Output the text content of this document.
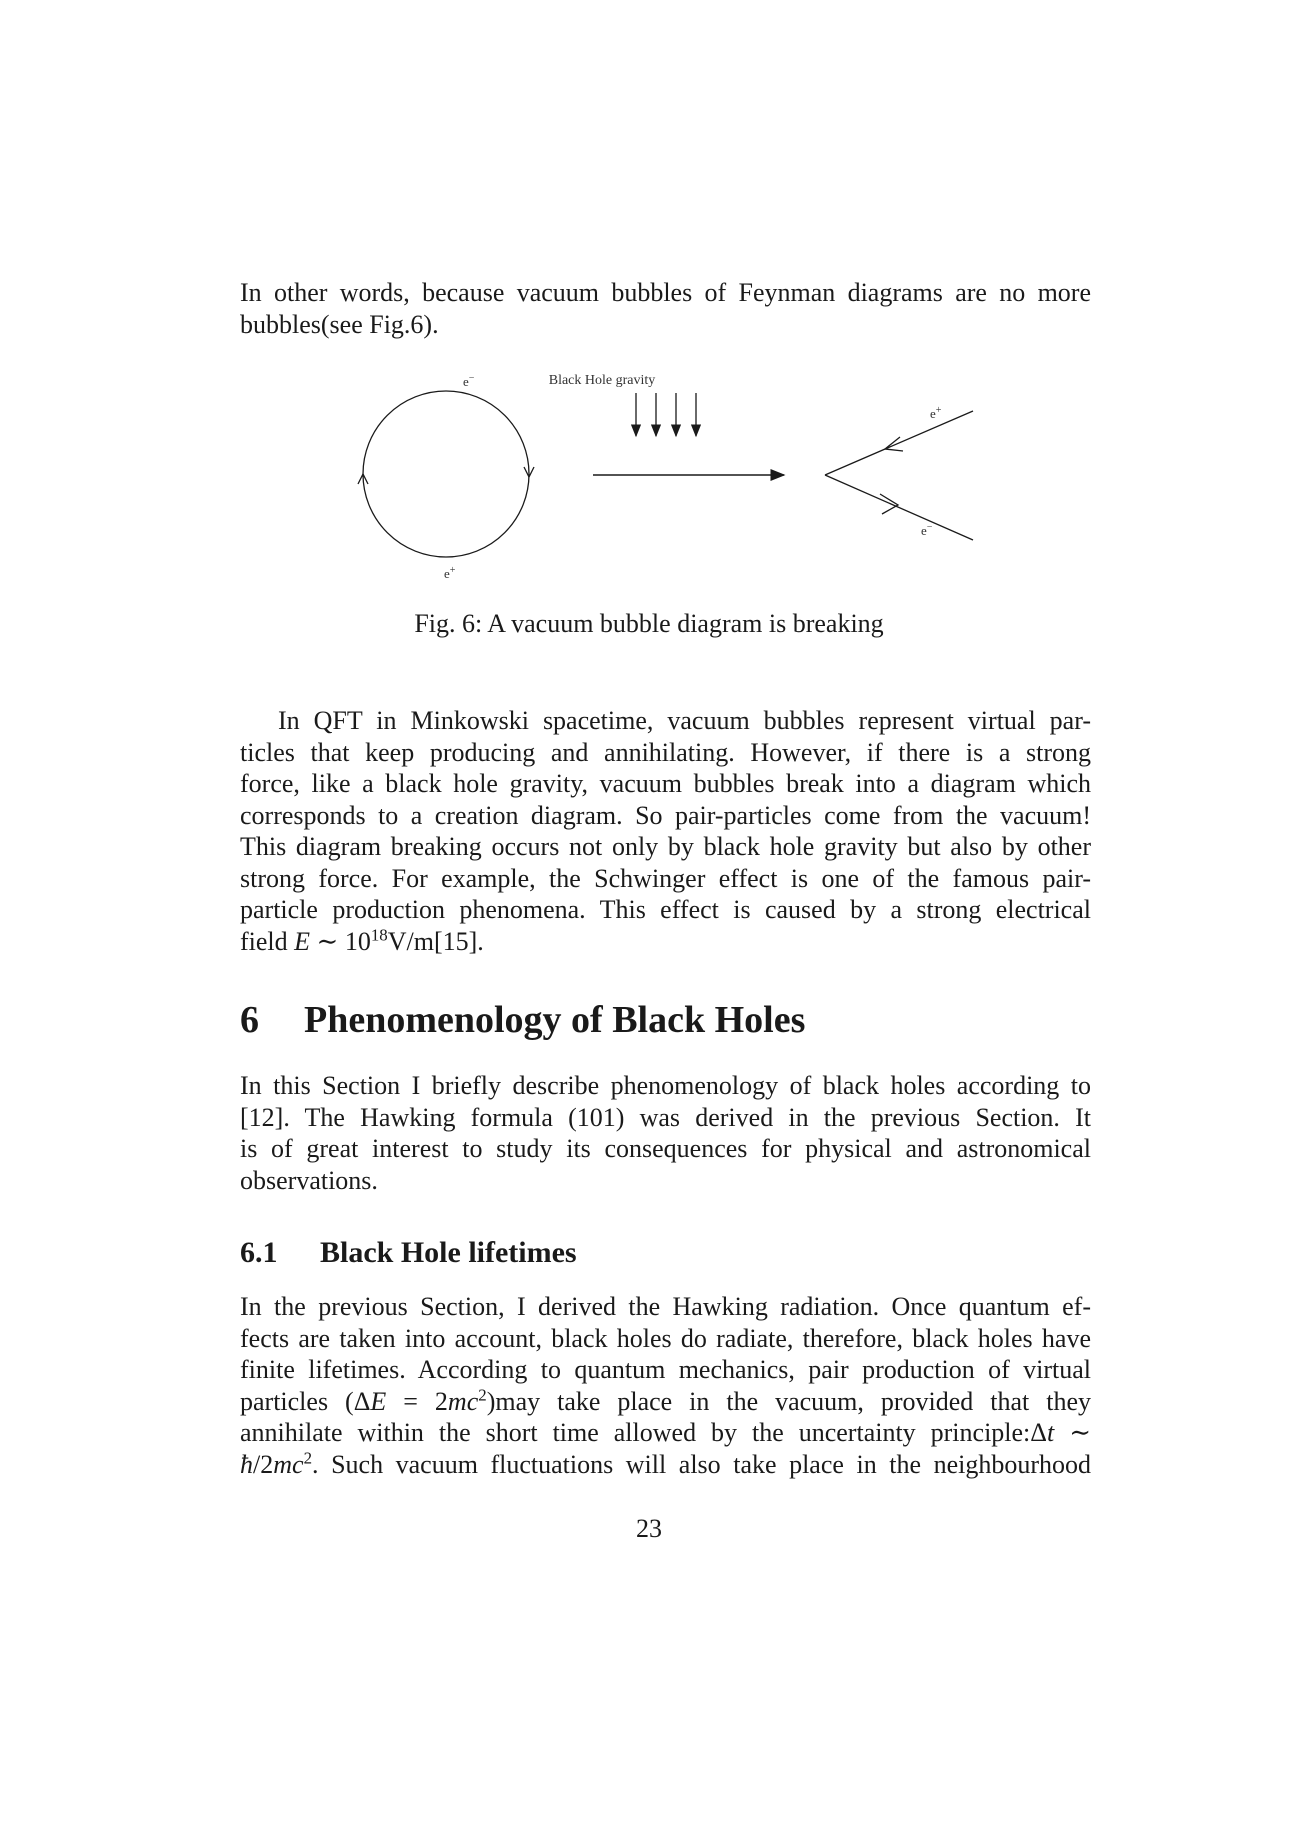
In other words, because vacuum bubbles of Feynman diagrams are no more
bubbles(see Fig.6).

e−
e+
Black Hole gravity
e+
e−
Fig. 6: A vacuum bubble diagram is breaking

In QFT in Minkowski spacetime, vacuum bubbles represent virtual par-
ticles that keep producing and annihilating. However, if there is a strong
force, like a black hole gravity, vacuum bubbles break into a diagram which
corresponds to a creation diagram. So pair-particles come from the vacuum!
This diagram breaking occurs not only by black hole gravity but also by other
strong force. For example, the Schwinger effect is one of the famous pair-
particle production phenomena. This effect is caused by a strong electrical
field E ∼ $10^{18}V/m[15]$.

6 Phenomenology of Black Holes

In this Section I briefly describe phenomenology of black holes according to
[12]. The Hawking formula (101) was derived in the previous Section. It
is of great interest to study its consequences for physical and astronomical
observations.

6.1 Black Hole lifetimes

In the previous Section, I derived the Hawking radiation. Once quantum ef-
fects are taken into account, black holes do radiate, therefore, black holes have
finite lifetimes. According to quantum mechanics, pair production of virtual
particles $(\Delta E = 2mc^2)may$ take place in the vacuum, provided that they
annihilate within the short time allowed by the uncertainty principle:Δt ∼
$ħ/2mc^2$. Such vacuum fluctuations will also take place in the neighbourhood

23
